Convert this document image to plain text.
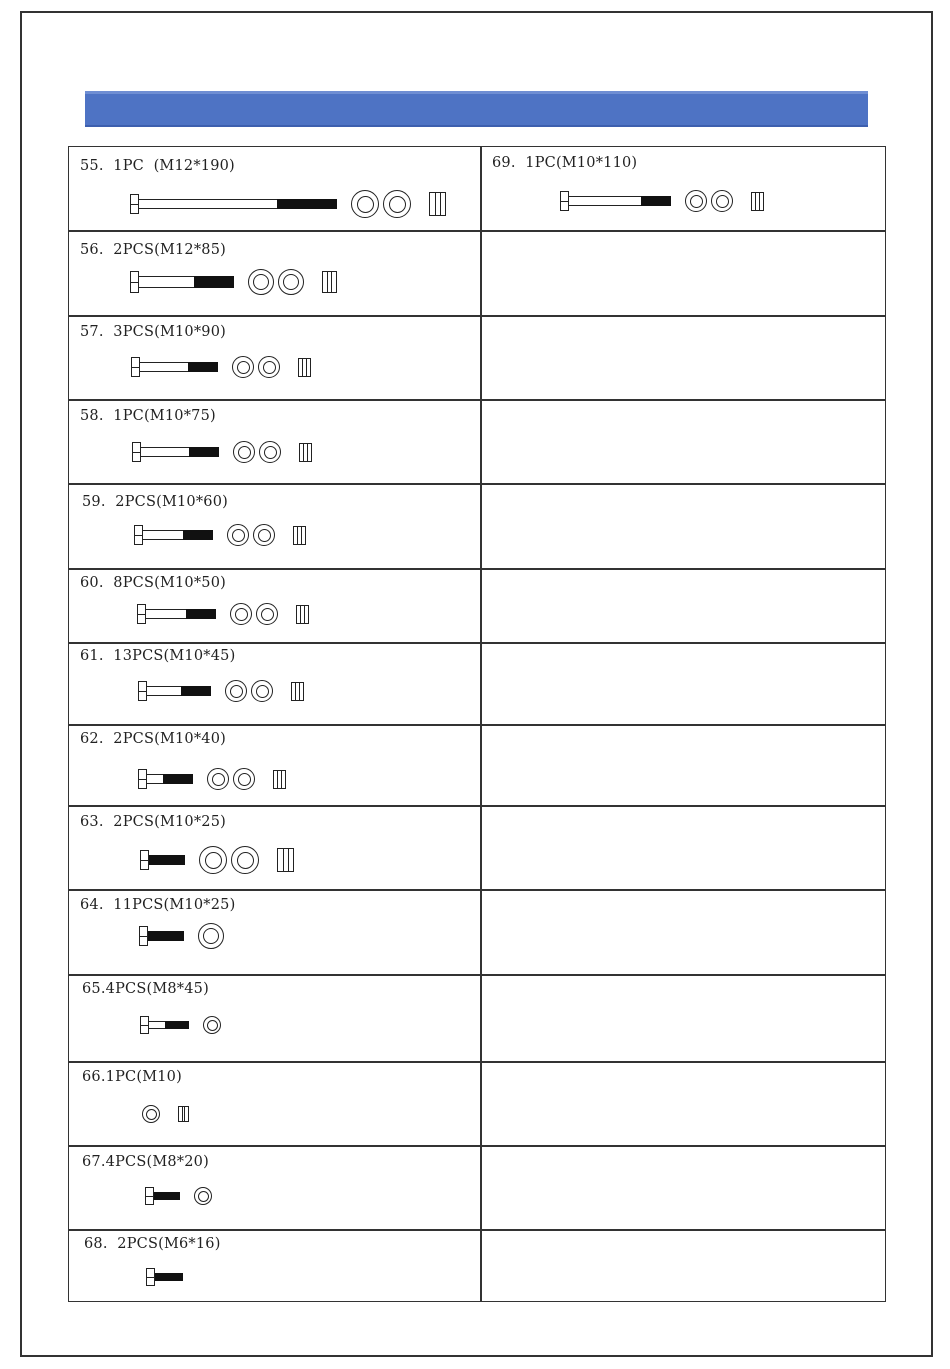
55.  1PC  (M12*190)
56.  2PCS(M12*85)
57.  3PCS(M10*90)
58.  1PC(M10*75)
59.  2PCS(M10*60)
60.  8PCS(M10*50)
61.  13PCS(M10*45)
62.  2PCS(M10*40)
63.  2PCS(M10*25)
64.  11PCS(M10*25)
65.4PCS(M8*45)
66.1PC(M10)
67.4PCS(M8*20)
68.  2PCS(M6*16)
69.  1PC(M10*110)
